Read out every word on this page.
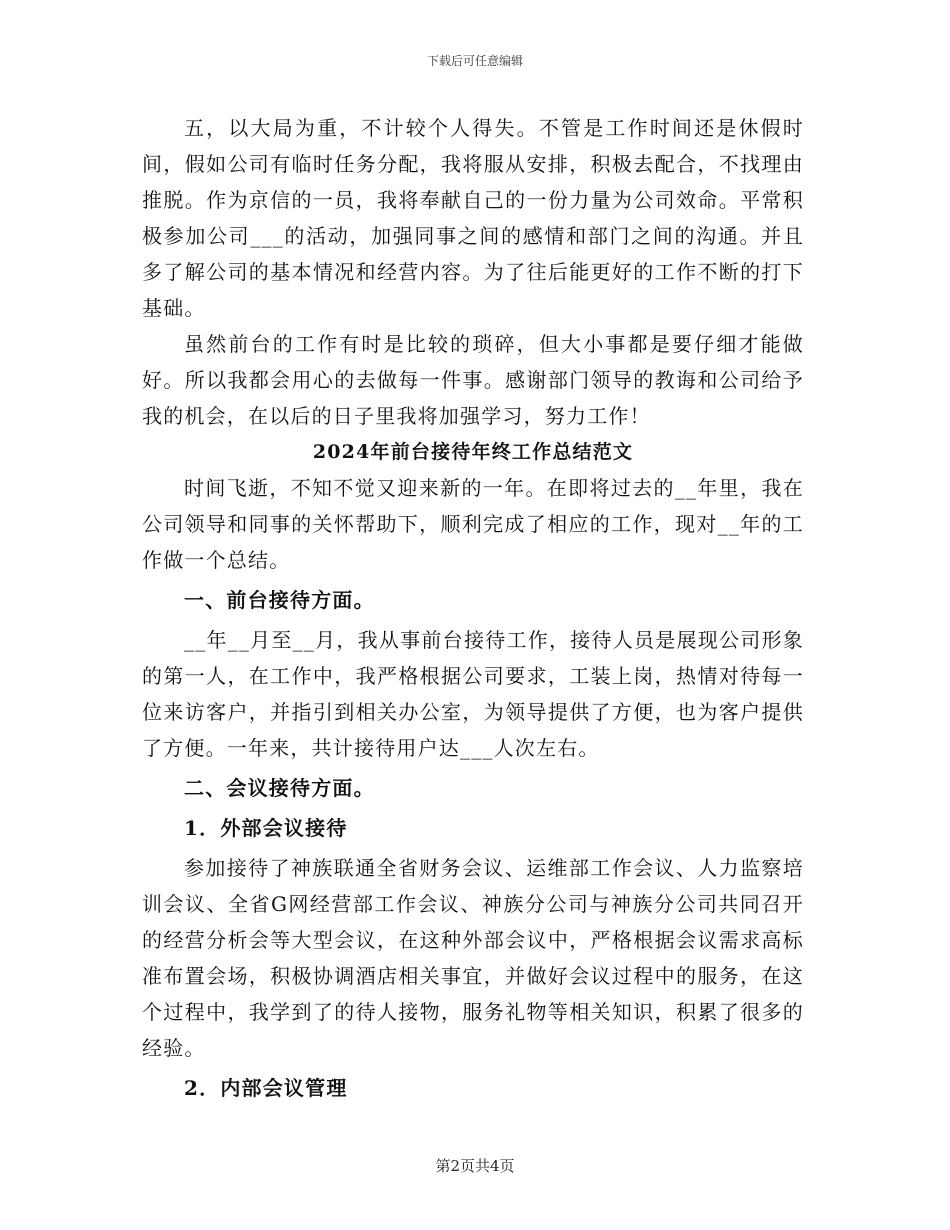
下载后可任意编辑

五，以大局为重，不计较个人得失。不管是工作时间还是休假时间，假如公司有临时任务分配，我将服从安排，积极去配合，不找理由推脱。作为京信的一员，我将奉献自己的一份力量为公司效命。平常积极参加公司___的活动，加强同事之间的感情和部门之间的沟通。并且多了解公司的基本情况和经营内容。为了往后能更好的工作不断的打下基础。

虽然前台的工作有时是比较的琐碎，但大小事都是要仔细才能做好。所以我都会用心的去做每一件事。感谢部门领导的教诲和公司给予我的机会，在以后的日子里我将加强学习，努力工作！

2024年前台接待年终工作总结范文

时间飞逝，不知不觉又迎来新的一年。在即将过去的__年里，我在公司领导和同事的关怀帮助下，顺利完成了相应的工作，现对__年的工作做一个总结。

一、前台接待方面。

__年__月至__月，我从事前台接待工作，接待人员是展现公司形象的第一人，在工作中，我严格根据公司要求，工装上岗，热情对待每一位来访客户，并指引到相关办公室，为领导提供了方便，也为客户提供了方便。一年来，共计接待用户达___人次左右。

二、会议接待方面。

1．外部会议接待

参加接待了神族联通全省财务会议、运维部工作会议、人力监察培训会议、全省G网经营部工作会议、神族分公司与神族分公司共同召开的经营分析会等大型会议，在这种外部会议中，严格根据会议需求高标准布置会场，积极协调酒店相关事宜，并做好会议过程中的服务，在这个过程中，我学到了的待人接物，服务礼物等相关知识，积累了很多的经验。

2．内部会议管理

第2页共4页
